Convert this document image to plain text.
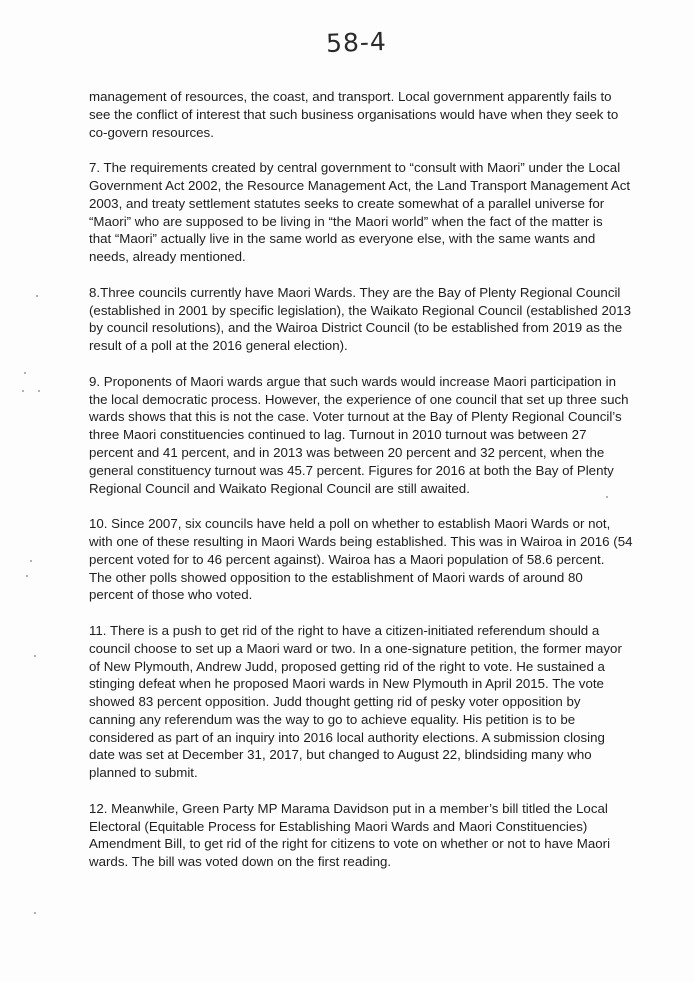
58-4
management of resources, the coast, and transport. Local government apparently fails to
see the conflict of interest that such business organisations would have when they seek to
co-govern resources.
7. The requirements created by central government to “consult with Maori” under the Local
Government Act 2002, the Resource Management Act, the Land Transport Management Act
2003, and treaty settlement statutes seeks to create somewhat of a parallel universe for
“Maori” who are supposed to be living in “the Maori world” when the fact of the matter is
that “Maori” actually live in the same world as everyone else, with the same wants and
needs, already mentioned.
8.Three councils currently have Maori Wards. They are the Bay of Plenty Regional Council
(established in 2001 by specific legislation), the Waikato Regional Council (established 2013
by council resolutions), and the Wairoa District Council (to be established from 2019 as the
result of a poll at the 2016 general election).
9. Proponents of Maori wards argue that such wards would increase Maori participation in
the local democratic process. However, the experience of one council that set up three such
wards shows that this is not the case. Voter turnout at the Bay of Plenty Regional Council’s
three Maori constituencies continued to lag. Turnout in 2010 turnout was between 27
percent and 41 percent, and in 2013 was between 20 percent and 32 percent, when the
general constituency turnout was 45.7 percent. Figures for 2016 at both the Bay of Plenty
Regional Council and Waikato Regional Council are still awaited.
10. Since 2007, six councils have held a poll on whether to establish Maori Wards or not,
with one of these resulting in Maori Wards being established. This was in Wairoa in 2016 (54
percent voted for to 46 percent against). Wairoa has a Maori population of 58.6 percent.
The other polls showed opposition to the establishment of Maori wards of around 80
percent of those who voted.
11. There is a push to get rid of the right to have a citizen-initiated referendum should a
council choose to set up a Maori ward or two. In a one-signature petition, the former mayor
of New Plymouth, Andrew Judd, proposed getting rid of the right to vote. He sustained a
stinging defeat when he proposed Maori wards in New Plymouth in April 2015. The vote
showed 83 percent opposition. Judd thought getting rid of pesky voter opposition by
canning any referendum was the way to go to achieve equality. His petition is to be
considered as part of an inquiry into 2016 local authority elections. A submission closing
date was set at December 31, 2017, but changed to August 22, blindsiding many who
planned to submit.
12. Meanwhile, Green Party MP Marama Davidson put in a member’s bill titled the Local
Electoral (Equitable Process for Establishing Maori Wards and Maori Constituencies)
Amendment Bill, to get rid of the right for citizens to vote on whether or not to have Maori
wards. The bill was voted down on the first reading.
